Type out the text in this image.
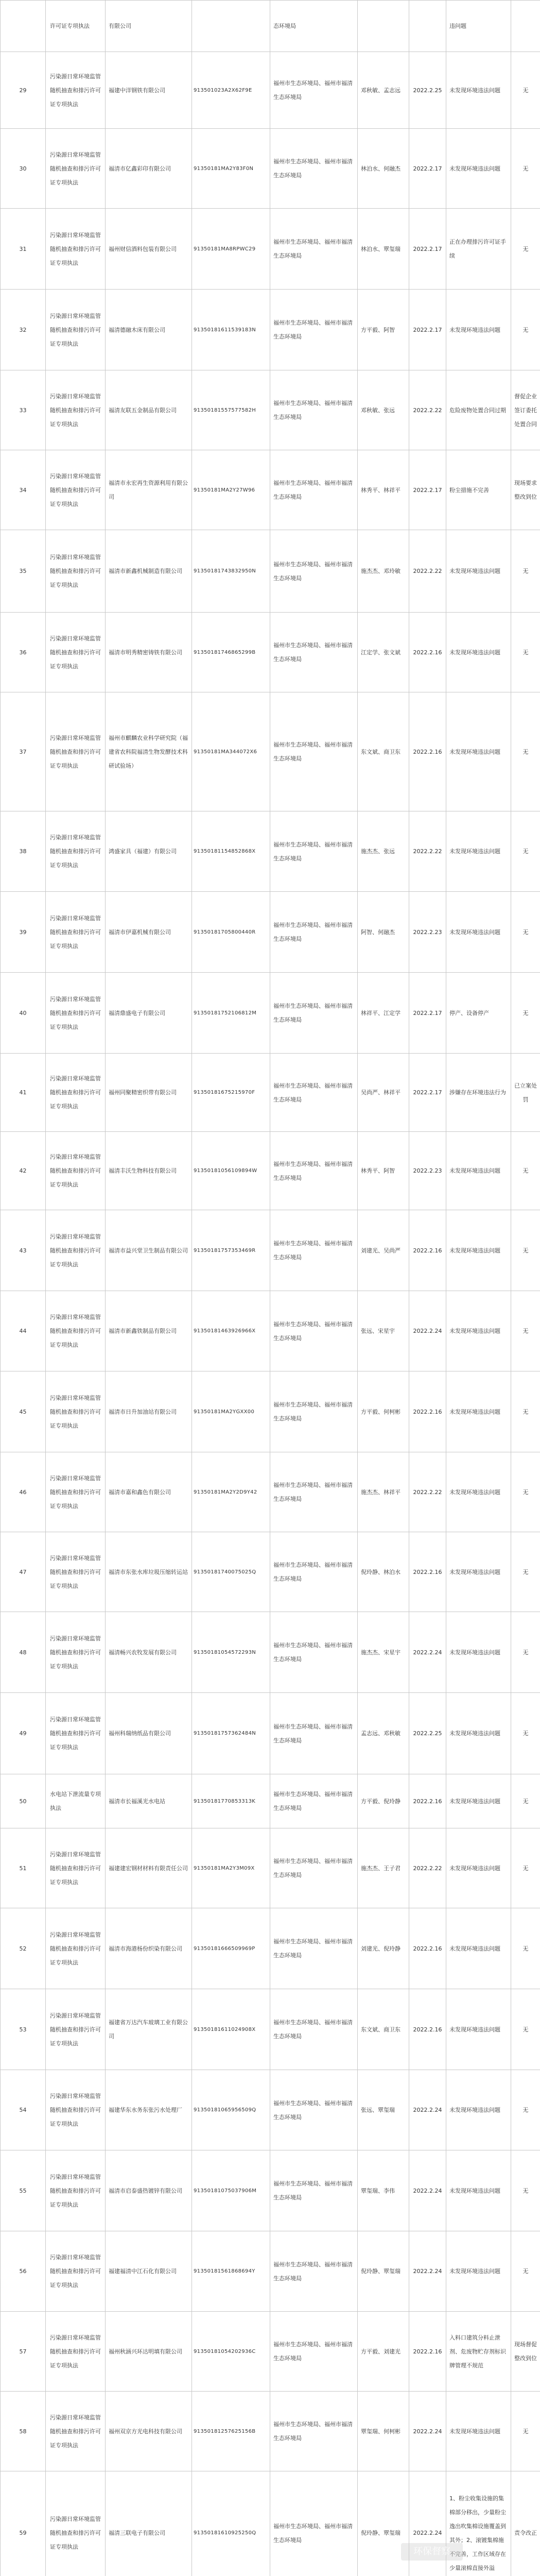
	许可证专项执法	有限公司		态环境局			违问题	
29	污染源日常环境监管随机抽查和排污许可证专项执法	福建中洋钢铁有限公司	913501023A2X62F9E	福州市生态环境局、福州市福清生态环境局	邓秋敏、孟志远	2022.2.25	未发现环境违法问题	无
30	污染源日常环境监管随机抽查和排污许可证专项执法	福清市亿鑫彩印有限公司	91350181MA2Y83F0N	福州市生态环境局、福州市福清生态环境局	林泊水、何融杰	2022.2.17	未发现环境违法问题	无
31	污染源日常环境监管随机抽查和排污许可证专项执法	福州财信酒料包装有限公司	91350181MA8RPWC29	福州市生态环境局、福州市福清生态环境局	林泊水、覃玺瑞	2022.2.17	正在办理排污许可证手续	无
32	污染源日常环境监管随机抽查和排污许可证专项执法	福清德融木床有限公司	91350181611539183N	福州市生态环境局、福州市福清生态环境局	方平毅、阿智	2022.2.17	未发现环境违法问题	无
33	污染源日常环境监管随机抽查和排污许可证专项执法	福清友联五金制品有限公司	91350181557577582H	福州市生态环境局、福州市福清生态环境局	邓秋敏、张远	2022.2.22	危险废物处置合同过期	督促企业签订委托处置合同
34	污染源日常环境监管随机抽查和排污许可证专项执法	福清市永宏再生资源利用有限公司	91350181MA2Y27W96	福州市生态环境局、福州市福清生态环境局	林秀平、林祥平	2022.2.17	粉尘措施不完善	现场要求整改到位
35	污染源日常环境监管随机抽查和排污许可证专项执法	福清市新鑫机械制造有限公司	91350181743832950N	福州市生态环境局、福州市福清生态环境局	施杰杰、邓玲敏	2022.2.22	未发现环境违法问题	无
36	污染源日常环境监管随机抽查和排污许可证专项执法	福清市明秀精密铸铁有限公司	91350181746865299B	福州市生态环境局、福州市福清生态环境局	江定学、张文斌	2022.2.16	未发现环境违法问题	无
37	污染源日常环境监管随机抽查和排污许可证专项执法	福州市麒麟农业科学研究院（福建省农科院福清生物发酵技术科研试验场）	91350181MA344072X6	福州市生态环境局、福州市福清生态环境局	东文斌、商卫东	2022.2.16	未发现环境违法问题	无
38	污染源日常环境监管随机抽查和排污许可证专项执法	鸿盛家具（福建）有限公司	91350181154852868X	福州市生态环境局、福州市福清生态环境局	施杰杰、张远	2022.2.22	未发现环境违法问题	无
39	污染源日常环境监管随机抽查和排污许可证专项执法	福清市伊嘉机械有限公司	91350181705800440R	福州市生态环境局、福州市福清生态环境局	阿智、何融杰	2022.2.23	未发现环境违法问题	无
40	污染源日常环境监管随机抽查和排污许可证专项执法	福清鼎盛电子有限公司	91350181752106812M	福州市生态环境局、福州市福清生态环境局	林祥平、江定学	2022.2.17	停产、设备停产	无
41	污染源日常环境监管随机抽查和排污许可证专项执法	福州同聚精密织带有限公司	91350181675215970F	福州市生态环境局、福州市福清生态环境局	吴尚严、林祥平	2022.2.17	涉嫌存在环境违法行为	已立案处罚
42	污染源日常环境监管随机抽查和排污许可证专项执法	福清丰沃生物科技有限公司	91350181056109894W	福州市生态环境局、福州市福清生态环境局	林秀平、阿智	2022.2.23	未发现环境违法问题	无
43	污染源日常环境监管随机抽查和排污许可证专项执法	福清市益兴堂卫生制品有限公司	91350181757353469R	福州市生态环境局、福州市福清生态环境局	刘建光、吴尚严	2022.2.16	未发现环境违法问题	无
44	污染源日常环境监管随机抽查和排污许可证专项执法	福清市新鑫铁制品有限公司	91350181463926966X	福州市生态环境局、福州市福清生态环境局	张远、宋星宇	2022.2.24	未发现环境违法问题	无
45	污染源日常环境监管随机抽查和排污许可证专项执法	福清市日升加油站有限公司	91350181MA2YGXX00	福州市生态环境局、福州市福清生态环境局	方平毅、何柯彬	2022.2.16	未发现环境违法问题	无
46	污染源日常环境监管随机抽查和排污许可证专项执法	福清市嘉和鑫色有限公司	91350181MA2Y2D9Y42	福州市生态环境局、福州市福清生态环境局	施杰杰、林祥平	2022.2.22	未发现环境违法问题	无
47	污染源日常环境监管随机抽查和排污许可证专项执法	福清市东张水库垃圾压缩转运站	91350181740075025Q	福州市生态环境局、福州市福清生态环境局	倪玲静、林泊水	2022.2.16	未发现环境违法问题	无
48	污染源日常环境监管随机抽查和排污许可证专项执法	福清畅兴农牧发展有限公司	91350181054572293N	福州市生态环境局、福州市福清生态环境局	施杰杰、宋星宇	2022.2.24	未发现环境违法问题	无
49	污染源日常环境监管随机抽查和排污许可证专项执法	福州科瑞纳纸品有限公司	91350181757362484N	福州市生态环境局、福州市福清生态环境局	孟志远、邓秋敏	2022.2.25	未发现环境违法问题	无
50	水电站下泄流量专项执法	福清市长福溪光水电站	91350181770853313K	福州市生态环境局、福州市福清生态环境局	方平毅、倪玲静	2022.2.16	未发现环境违法问题	无
51	污染源日常环境监管随机抽查和排污许可证专项执法	福建建宏钢材材料有限责任公司	91350181MA2Y3M09X	福州市生态环境局、福州市福清生态环境局	施杰杰、王子君	2022.2.22	未发现环境违法问题	无
52	污染源日常环境监管随机抽查和排污许可证专项执法	福清市海港杨份织染有限公司	91350181666509969P	福州市生态环境局、福州市福清生态环境局	刘建光、倪玲静	2022.2.16	未发现环境违法问题	无
53	污染源日常环境监管随机抽查和排污许可证专项执法	福建省万达汽车玻璃工业有限公司	91350181611024908X	福州市生态环境局、福州市福清生态环境局	东文斌、商卫东	2022.2.16	未发现环境违法问题	无
54	污染源日常环境监管随机抽查和排污许可证专项执法	福建华东水务东张污水处理厂	91350181065956509Q	福州市生态环境局、福州市福清生态环境局	张远、覃玺瑞	2022.2.24	未发现环境违法问题	无
55	污染源日常环境监管随机抽查和排污许可证专项执法	福清市启泰盛热镀锌有限公司	91350181075037906M	福州市生态环境局、福州市福清生态环境局	覃玺瑞、李伟	2022.2.24	未发现环境违法问题	无
56	污染源日常环境监管随机抽查和排污许可证专项执法	福建福清中江石化有限公司	91350181561868694Y	福州市生态环境局、福州市福清生态环境局	倪玲静、覃玺瑞	2022.2.24	未发现环境违法问题	无
57	污染源日常环境监管随机抽查和排污许可证专项执法	福州秋涵兴环达明填有限公司	91350181054202936C	福州市生态环境局、福州市福清生态环境局	方平毅、刘建光	2022.2.16	入料口建筑分料止泄剂、危废物贮存剂标识牌管理不规范	现场督促整改到位
58	污染源日常环境监管随机抽查和排污许可证专项执法	福州双京方光电科技有限公司	91350181257625156B	福州市生态环境局、福州市福清生态环境局	覃玺瑞、何柯彬	2022.2.24	未发现环境违法问题	无
59	污染源日常环境监管随机抽查和排污许可证专项执法	福清三联电子有限公司	91350181610925250Q	福州市生态环境局、福州市福清生态环境局	倪玲静、覃玺瑞	2022.2.24	1、粉尘收集设施的集棉部分移出，少量粉尘逸出吹集棉设施覆盖到其外；2、滚镀集棉施不完善，工作区域存在少量滚棉直接外溢	责令改正
环保督察
